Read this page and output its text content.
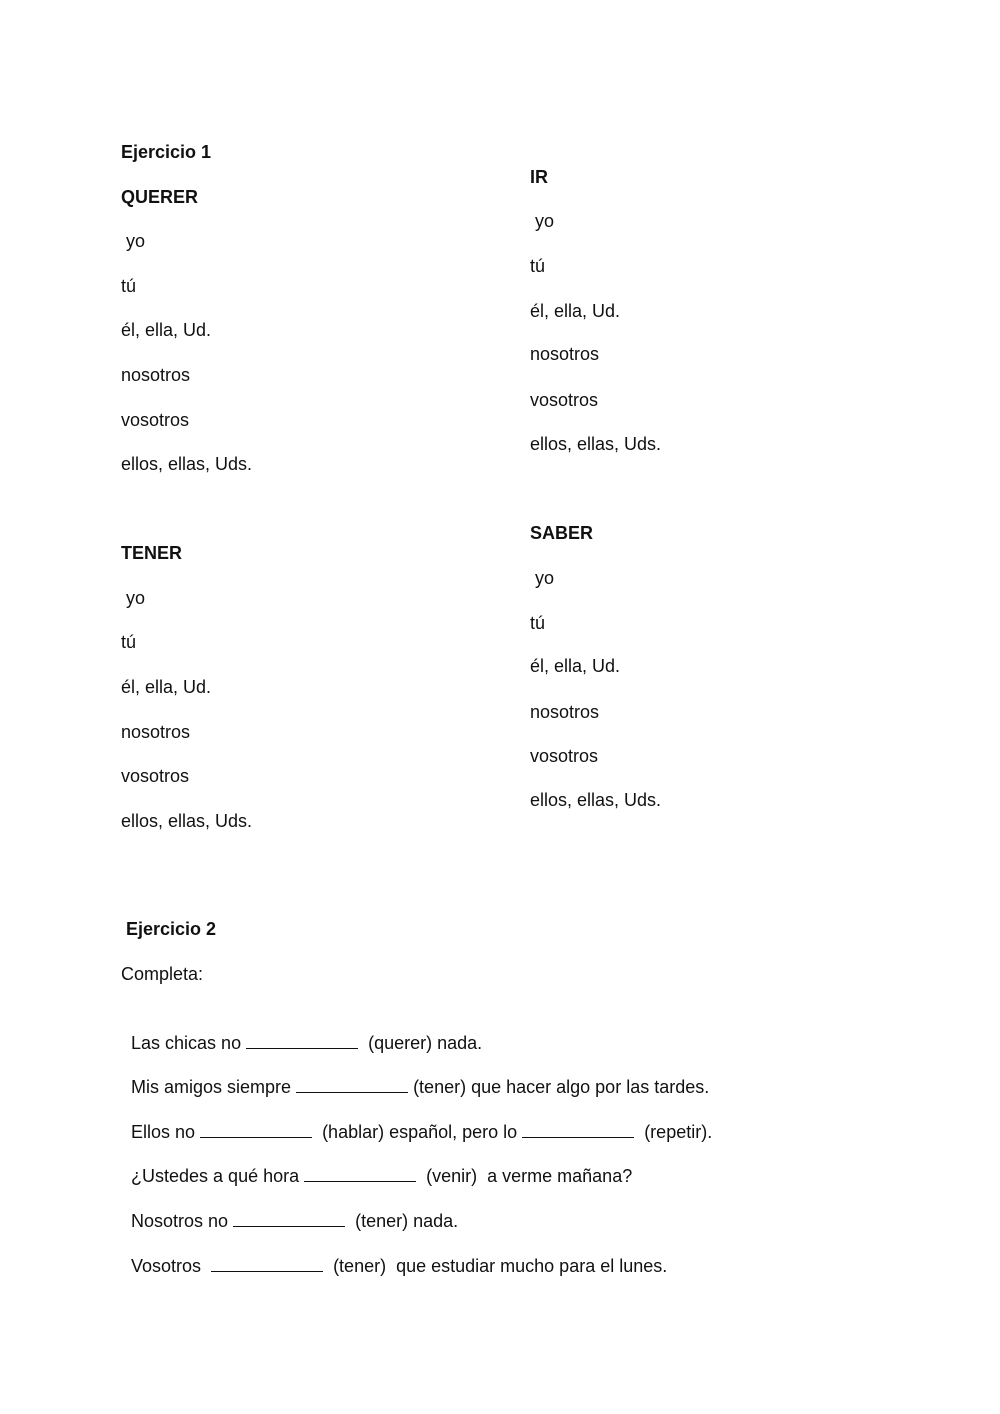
Ejercicio 1
QUERER
yo
tú
él, ella, Ud.
nosotros
vosotros
ellos, ellas, Uds.
IR
yo
tú
él, ella, Ud.
nosotros
vosotros
ellos, ellas, Uds.
TENER
yo
tú
él, ella, Ud.
nosotros
vosotros
ellos, ellas, Uds.
SABER
yo
tú
él, ella, Ud.
nosotros
vosotros
ellos, ellas, Uds.
Ejercicio 2
Completa:

Las chicas no	(querer) nada.

Mis amigos siempre	(tener) que hacer algo por las tardes.

Ellos no	(hablar) español, pero lo	(repetir).

¿Ustedes a qué hora	(venir)  a verme mañana?

Nosotros no	(tener) nada.

Vosotros	(tener)  que estudiar mucho para el lunes.
